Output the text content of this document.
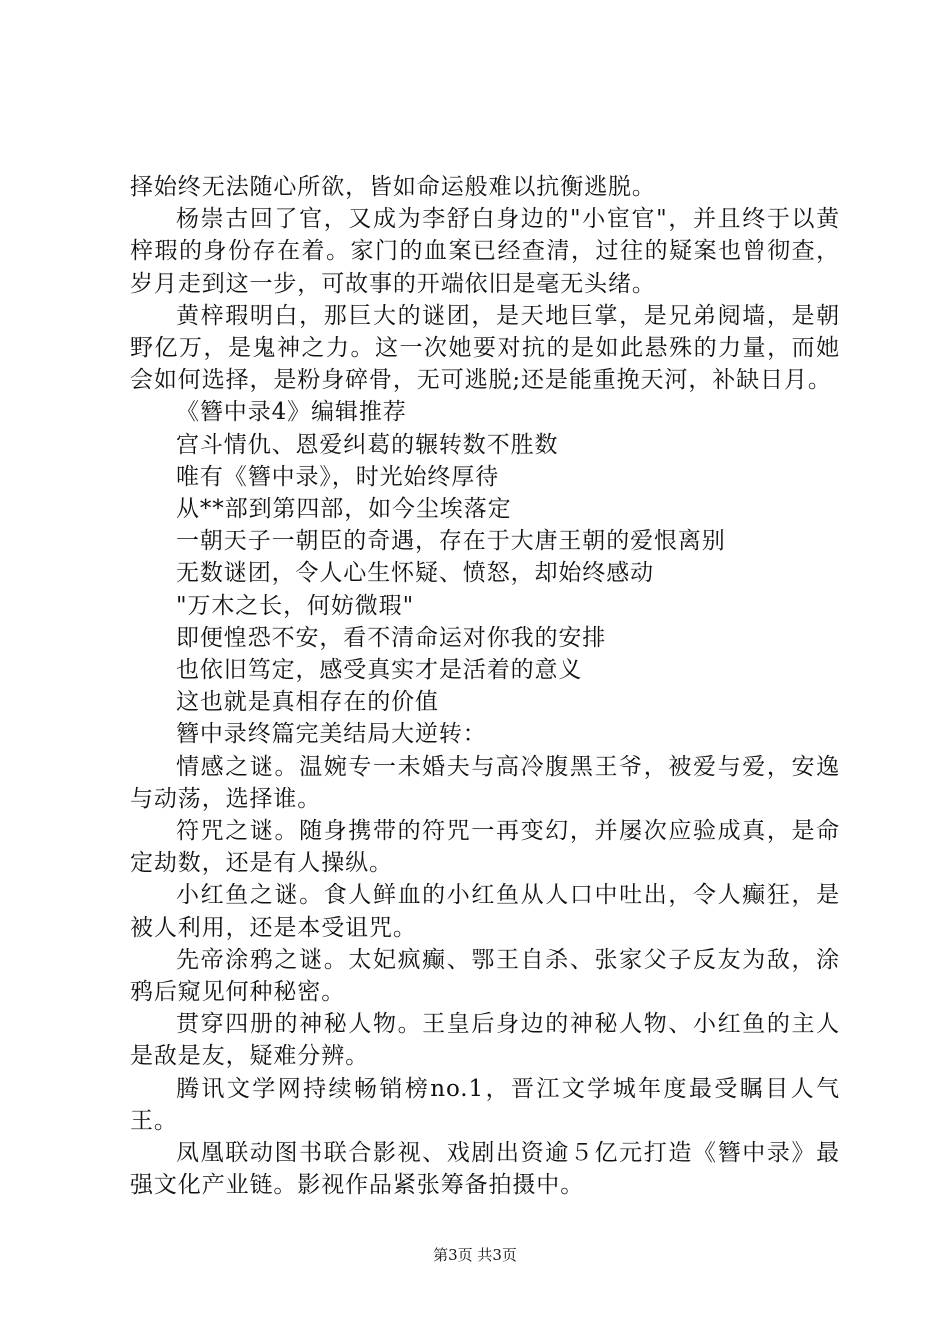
择始终无法随心所欲，皆如命运般难以抗衡逃脱。

杨崇古回了官，又成为李舒白身边的"小宦官"，并且终于以黄梓瑕的身份存在着。家门的血案已经查清，过往的疑案也曾彻查，岁月走到这一步，可故事的开端依旧是毫无头绪。

黄梓瑕明白，那巨大的谜团，是天地巨掌，是兄弟阋墙，是朝野亿万，是鬼神之力。这一次她要对抗的是如此悬殊的力量，而她会如何选择，是粉身碎骨，无可逃脱;还是能重挽天河，补缺日月。

《簪中录4》编辑推荐

宫斗情仇、恩爱纠葛的辗转数不胜数

唯有《簪中录》，时光始终厚待

从**部到第四部，如今尘埃落定

一朝天子一朝臣的奇遇，存在于大唐王朝的爱恨离别

无数谜团，令人心生怀疑、愤怒，却始终感动

"万木之长，何妨微瑕"

即便惶恐不安，看不清命运对你我的安排

也依旧笃定，感受真实才是活着的意义

这也就是真相存在的价值

簪中录终篇完美结局大逆转：

情感之谜。温婉专一未婚夫与高冷腹黑王爷，被爱与爱，安逸与动荡，选择谁。

符咒之谜。随身携带的符咒一再变幻，并屡次应验成真，是命定劫数，还是有人操纵。

小红鱼之谜。食人鲜血的小红鱼从人口中吐出，令人癫狂，是被人利用，还是本受诅咒。

先帝涂鸦之谜。太妃疯癫、鄂王自杀、张家父子反友为敌，涂鸦后窥见何种秘密。

贯穿四册的神秘人物。王皇后身边的神秘人物、小红鱼的主人是敌是友，疑难分辨。

腾讯文学网持续畅销榜no.1，晋江文学城年度最受瞩目人气王。

凤凰联动图书联合影视、戏剧出资逾５亿元打造《簪中录》最强文化产业链。影视作品紧张筹备拍摄中。

第3页 共3页
